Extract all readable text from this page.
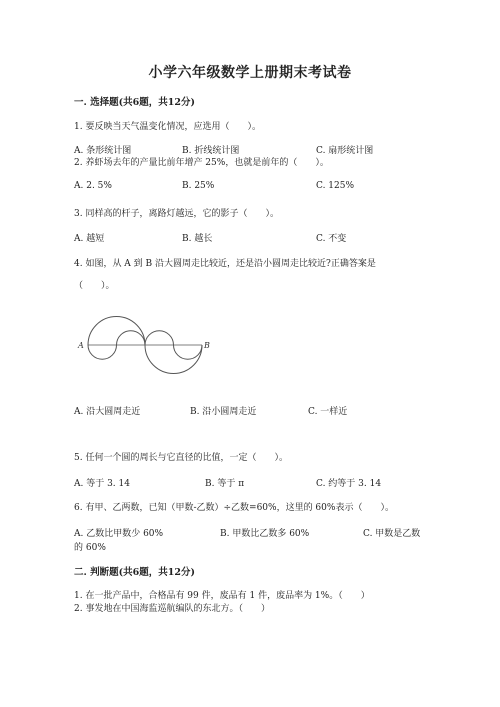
小学六年级数学上册期末考试卷
一. 选择题(共6题，共12分)
1. 要反映当天气温变化情况，应选用（　　）。
A. 条形统计图	B. 折线统计图	C. 扇形统计图
2. 养虾场去年的产量比前年增产 25%，也就是前年的（　　）。
A. 2. 5%	B. 25%	C. 125%
3. 同样高的杆子，离路灯越远，它的影子（　　）。
A. 越短	B. 越长	C. 不变
4. 如图，从 A 到 B 沿大圆周走比较近，还是沿小圆周走比较近?正确答案是
（　　）。
A	B
A. 沿大圆周走近	B. 沿小圆周走近	C. 一样近
5. 任何一个圆的周长与它直径的比值，一定（　　）。
A. 等于 3. 14	B. 等于 π	C. 约等于 3. 14
6. 有甲、乙两数，已知（甲数-乙数）÷乙数=60%，这里的 60%表示（　　）。
A. 乙数比甲数少 60%	B. 甲数比乙数多 60%	C. 甲数是乙数
的 60%
二. 判断题(共6题，共12分)
1. 在一批产品中，合格品有 99 件，废品有 1 件，废品率为 1%。（　　）
2. 事发地在中国海监巡航编队的东北方。（　　）
